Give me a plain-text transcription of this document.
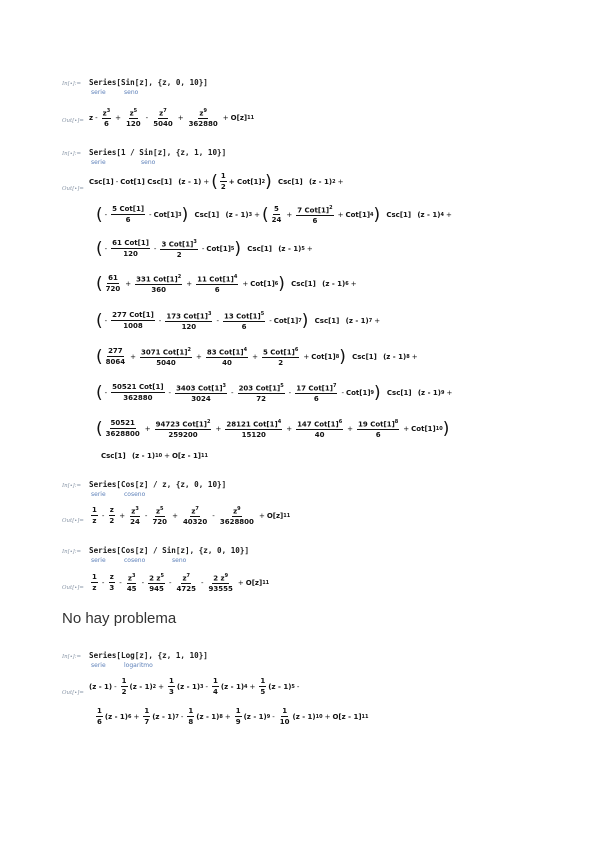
In[∙]:= Series[Sin[z], {z, 0, 10}]
serie	seno
$Out[\cdot]= z - \frac{z^3}{6} + \frac{z^5}{120} - \frac{z^7}{5040} + \frac{z^9}{362880} + O[z]$ 11
In[∙]:= Series[1 / Sin[z], {z, 1, 10}]
serie	seno
Out[∙]=
Csc[1] - Cot[1] Csc[1]
(z - 1) + ( $\frac{1}{2} + Cot[1]$ 2 )
Csc[1]
(z - 1) 2 +
( - $\frac{\text{5 Cot[1]}}{6} - Cot[1]$ 3 )
Csc[1]
(z - 1) 3 + ( $\frac{5}{24} + \frac{7 Cot[1]^2}{6} + Cot[1]$ 4 )
Csc[1]
(z - 1) 4 +
( - $\frac{\text{61 Cot[1]}}{120} - \frac{3 Cot[1]^3}{2} - Cot[1]$ 5 )
Csc[1]
(z - 1) 5 +
( $\frac{61}{720} + \frac{331 Cot[1]^2}{360} + \frac{11 Cot[1]^4}{6} + Cot[1]$ 6 )
Csc[1]
(z - 1) 6 +
( - $\frac{\text{277 Cot[1]}}{1008} - \frac{173 Cot[1]^3}{120} - \frac{13 Cot[1]^5}{6} - Cot[1]$ 7 )
Csc[1]
(z - 1) 7 +
( $\frac{277}{8064} + \frac{3071 Cot[1]^2}{5040} + \frac{83 Cot[1]^4}{40} + \frac{5 Cot[1]^6}{2} + Cot[1]$ 8 )
Csc[1]
(z - 1) 8 +
( - $\frac{\text{50521 Cot[1]}}{362880} - \frac{3403 Cot[1]^3}{3024} - \frac{203 Cot[1]^5}{72} - \frac{17 Cot[1]^7}{6} - Cot[1]$ 9 )
Csc[1]
(z - 1) 9 +
( $\frac{50521}{3628800} + \frac{94723 Cot[1]^2}{259200} + \frac{28121 Cot[1]^4}{15120} + \frac{147 Cot[1]^6}{40} + \frac{19 Cot[1]^8}{6} + Cot[1]$ 10 )
Csc[1]
(z - 1) 10 + O[z - 1] 11
In[∙]:= Series[Cos[z] / z, {z, 0, 10}]
serie	coseno
$Out[\cdot]= \frac{1}{z} - \frac{z}{2} + \frac{z^3}{24} - \frac{z^5}{720} + \frac{z^7}{40320} - \frac{z^9}{3628800} + O[z]$ 11
In[∙]:= Series[Cos[z] / Sin[z], {z, 0, 10}]
serie	coseno	seno
$Out[\cdot]= \frac{1}{z} - \frac{z}{3} - \frac{z^3}{45} - \frac{2 z^5}{945} - \frac{z^7}{4725} - \frac{2 z^9}{93555} + O[z]$ 11
No hay problema
In[∙]:= Series[Log[z], {z, 1, 10}]
serie	logaritmo
Out[∙]=
$(z - 1) - \frac{1}{2} (z - 1) 2 + \frac{1}{3} (z - 1)$ $3 - \frac{1}{4} (z - 1) 4 + \frac{1}{5} (z - 1)$ 5 -
$\frac{1}{6} (z - 1) 6 + \frac{1}{7} (z - 1)$ $7 - \frac{1}{8} (z - 1) 8 + \frac{1}{9} (z - 1)$ $9 - \frac{1}{10} (z - 1) 10 + O[z - 1]$ 11
